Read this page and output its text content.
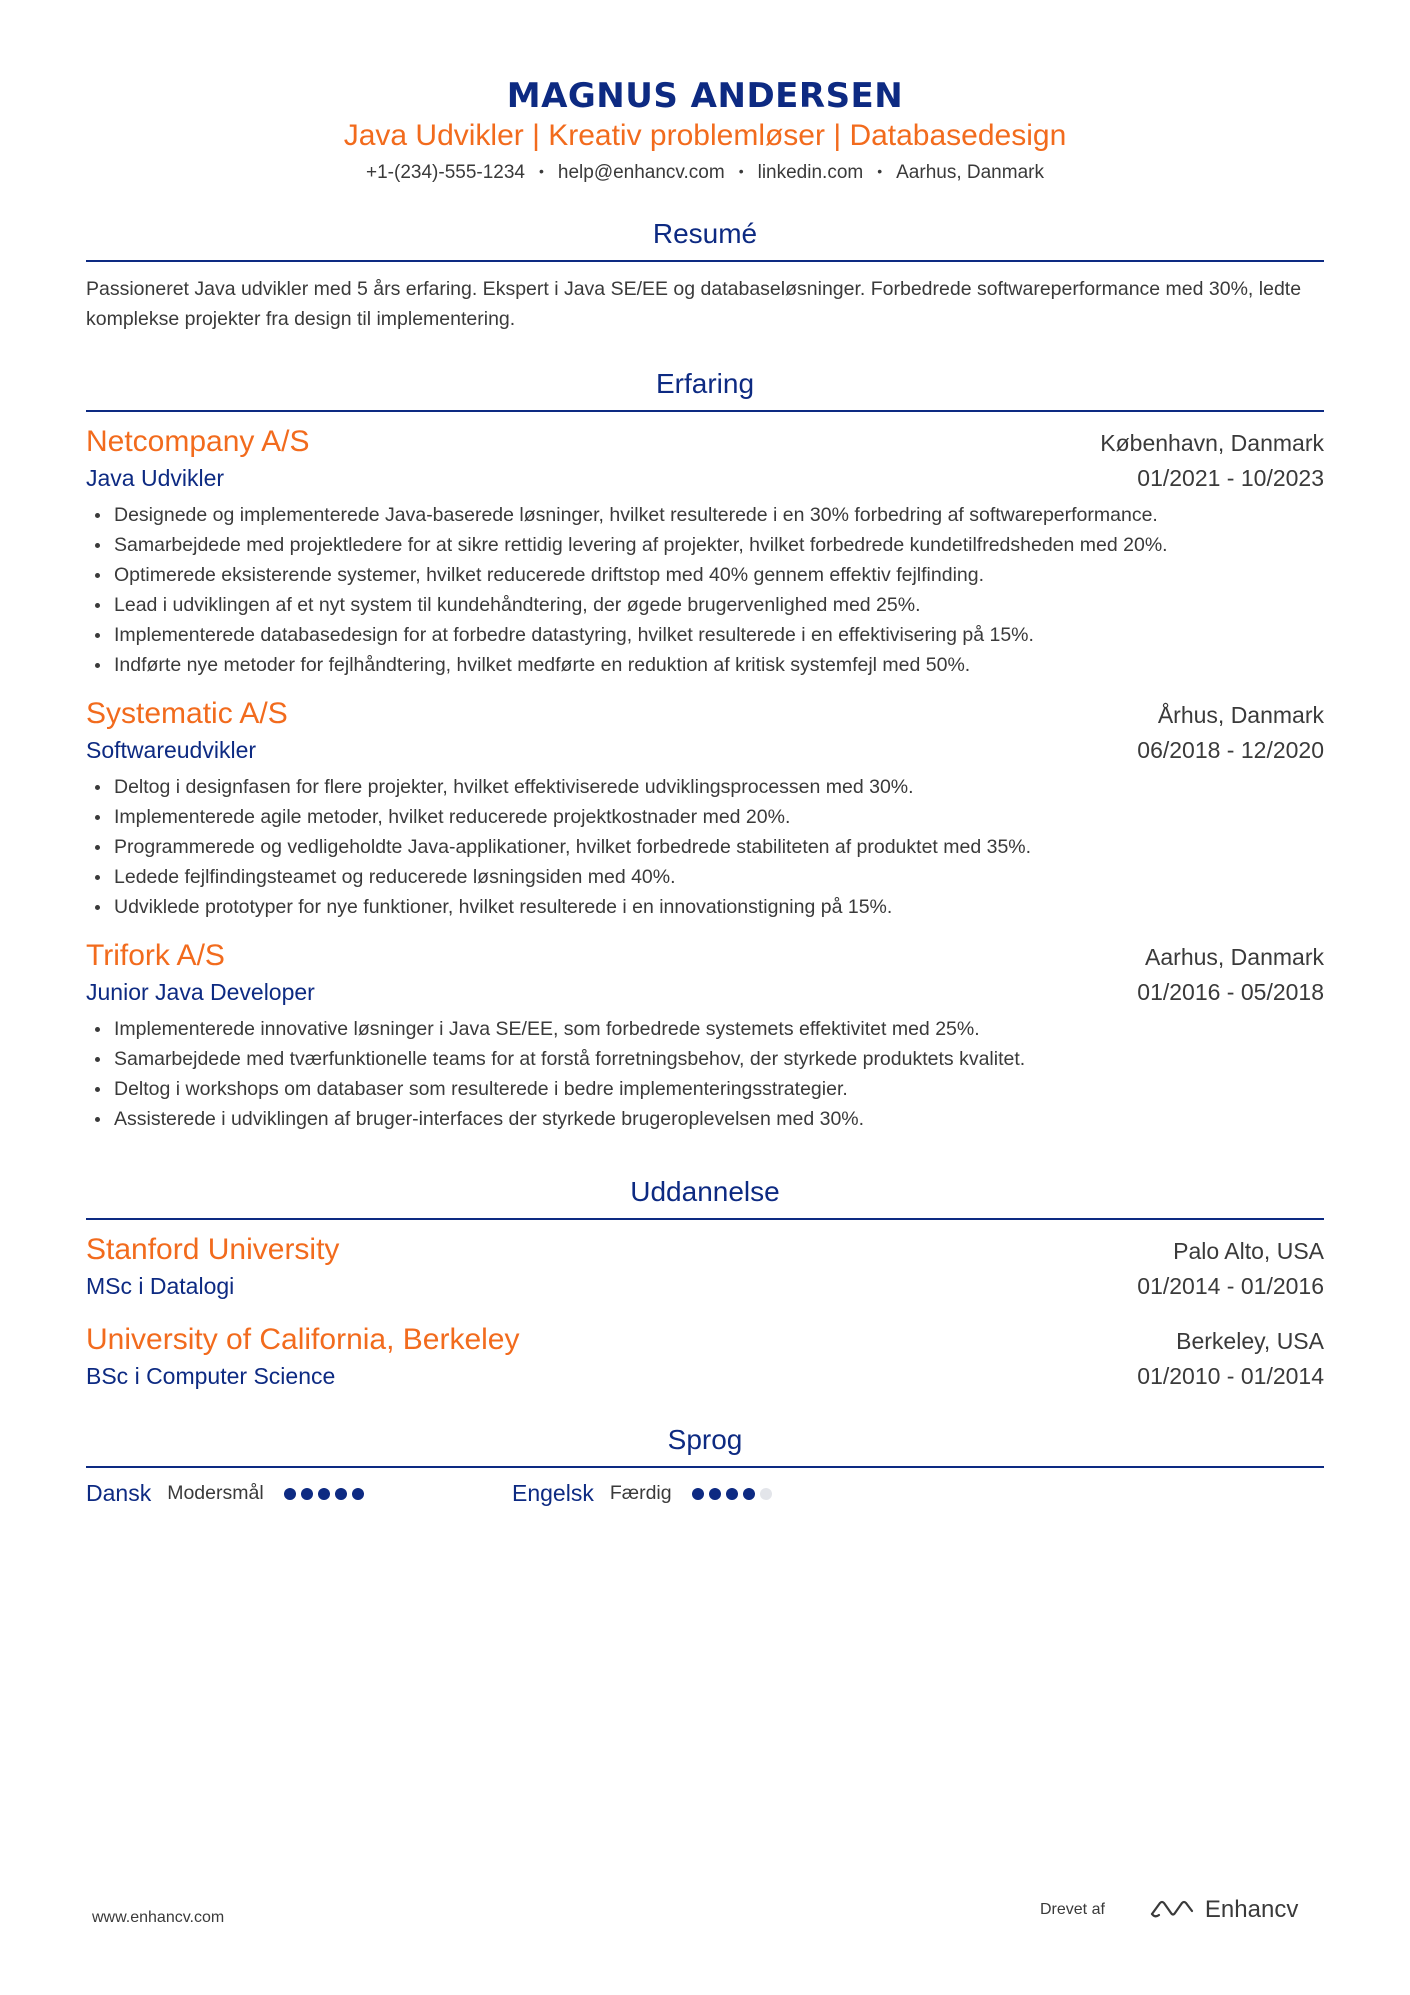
MAGNUS ANDERSEN
Java Udvikler | Kreativ problemløser | Databasedesign
+1-(234)-555-1234 • help@enhancv.com • linkedin.com • Aarhus, Danmark
Resumé
Passioneret Java udvikler med 5 års erfaring. Ekspert i Java SE/EE og databaseløsninger. Forbedrede softwareperformance med 30%, ledte komplekse projekter fra design til implementering.
Erfaring
Netcompany A/S	København, Danmark
Java Udvikler	01/2021 - 10/2023
Designede og implementerede Java-baserede løsninger, hvilket resulterede i en 30% forbedring af softwareperformance.
Samarbejdede med projektledere for at sikre rettidig levering af projekter, hvilket forbedrede kundetilfredsheden med 20%.
Optimerede eksisterende systemer, hvilket reducerede driftstop med 40% gennem effektiv fejlfinding.
Lead i udviklingen af et nyt system til kundehåndtering, der øgede brugervenlighed med 25%.
Implementerede databasedesign for at forbedre datastyring, hvilket resulterede i en effektivisering på 15%.
Indførte nye metoder for fejlhåndtering, hvilket medførte en reduktion af kritisk systemfejl med 50%.
Systematic A/S	Århus, Danmark
Softwareudvikler	06/2018 - 12/2020
Deltog i designfasen for flere projekter, hvilket effektiviserede udviklingsprocessen med 30%.
Implementerede agile metoder, hvilket reducerede projektkostnader med 20%.
Programmerede og vedligeholdte Java-applikationer, hvilket forbedrede stabiliteten af produktet med 35%.
Ledede fejlfindingsteamet og reducerede løsningsiden med 40%.
Udviklede prototyper for nye funktioner, hvilket resulterede i en innovationstigning på 15%.
Trifork A/S	Aarhus, Danmark
Junior Java Developer	01/2016 - 05/2018
Implementerede innovative løsninger i Java SE/EE, som forbedrede systemets effektivitet med 25%.
Samarbejdede med tværfunktionelle teams for at forstå forretningsbehov, der styrkede produktets kvalitet.
Deltog i workshops om databaser som resulterede i bedre implementeringsstrategier.
Assisterede i udviklingen af bruger-interfaces der styrkede brugeroplevelsen med 30%.
Uddannelse
Stanford University	Palo Alto, USA
MSc i Datalogi	01/2014 - 01/2016
University of California, Berkeley	Berkeley, USA
BSc i Computer Science	01/2010 - 01/2014
Sprog
Dansk Modersmål	Engelsk Færdig
www.enhancv.com	Drevet af	Enhancv
